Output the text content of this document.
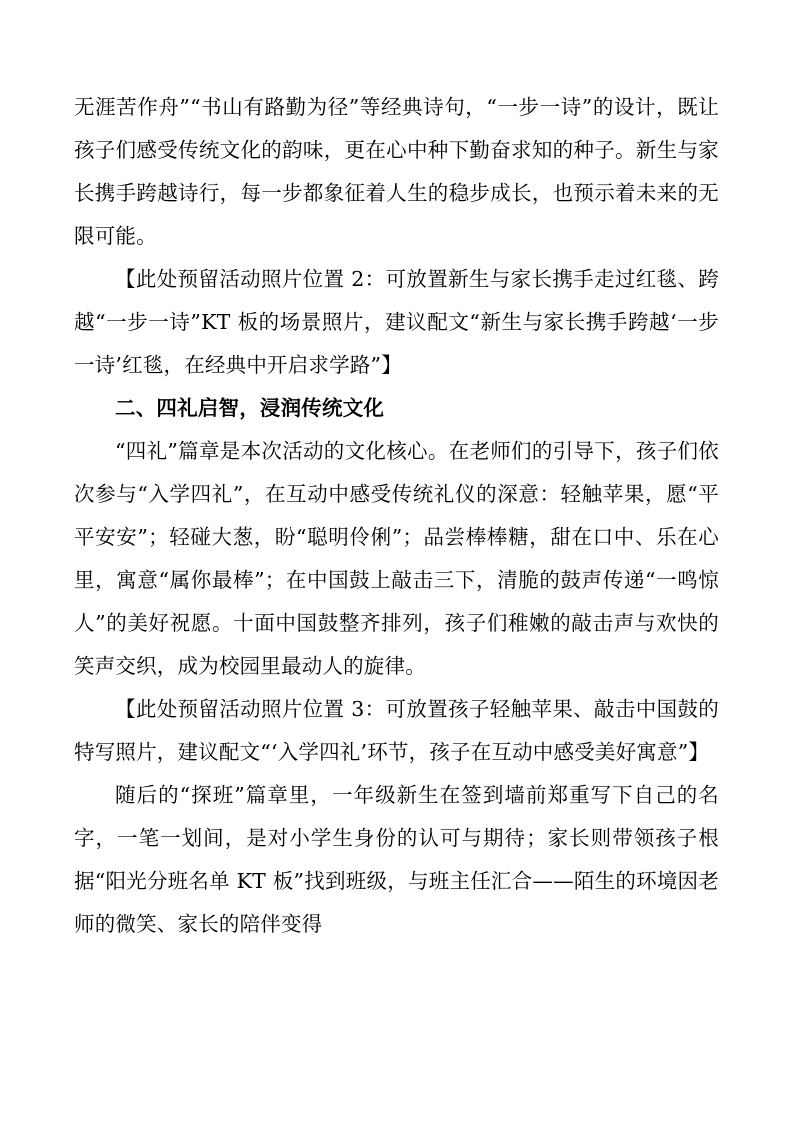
无涯苦作舟”“书山有路勤为径”等经典诗句，“一步一诗”的设计，既让孩子们感受传统文化的韵味，更在心中种下勤奋求知的种子。新生与家长携手跨越诗行，每一步都象征着人生的稳步成长，也预示着未来的无限可能。

【此处预留活动照片位置 2：可放置新生与家长携手走过红毯、跨越“一步一诗”KT 板的场景照片，建议配文“新生与家长携手跨越‘一步一诗’红毯，在经典中开启求学路”】

二、四礼启智，浸润传统文化

“四礼”篇章是本次活动的文化核心。在老师们的引导下，孩子们依次参与“入学四礼”，在互动中感受传统礼仪的深意：轻触苹果，愿“平平安安”；轻碰大葱，盼“聪明伶俐”；品尝棒棒糖，甜在口中、乐在心里，寓意“属你最棒”；在中国鼓上敲击三下，清脆的鼓声传递“一鸣惊人”的美好祝愿。十面中国鼓整齐排列，孩子们稚嫩的敲击声与欢快的笑声交织，成为校园里最动人的旋律。

【此处预留活动照片位置 3：可放置孩子轻触苹果、敲击中国鼓的特写照片，建议配文“‘入学四礼’环节，孩子在互动中感受美好寓意”】

随后的“探班”篇章里，一年级新生在签到墙前郑重写下自己的名字，一笔一划间，是对小学生身份的认可与期待；家长则带领孩子根据“阳光分班名单 KT 板”找到班级，与班主任汇合——陌生的环境因老师的微笑、家长的陪伴变得
